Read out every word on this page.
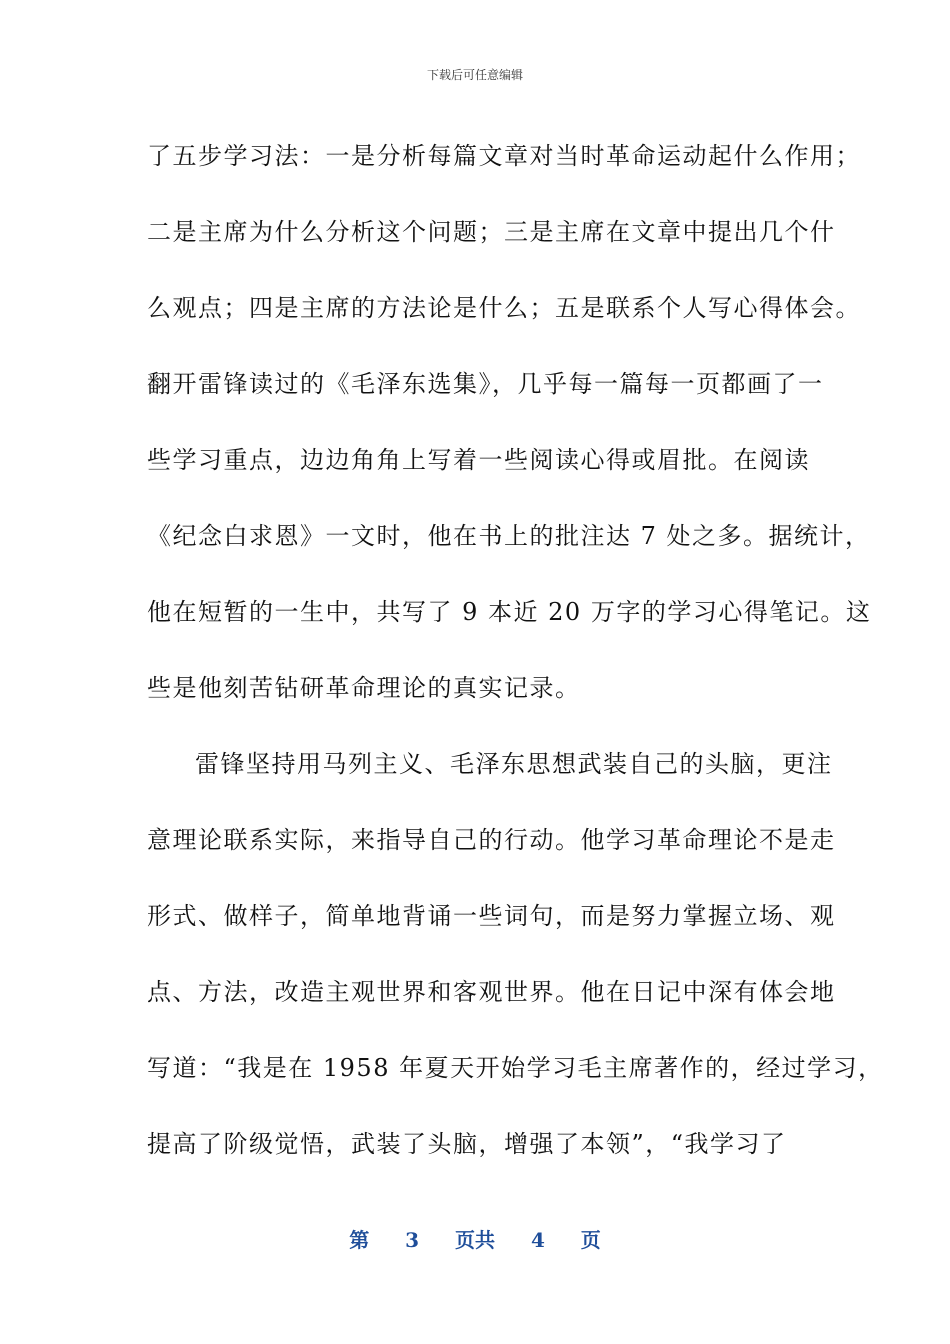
下载后可任意编辑
了五步学习法：一是分析每篇文章对当时革命运动起什么作用；
二是主席为什么分析这个问题；三是主席在文章中提出几个什
么观点；四是主席的方法论是什么；五是联系个人写心得体会。
翻开雷锋读过的《毛泽东选集》，几乎每一篇每一页都画了一
些学习重点，边边角角上写着一些阅读心得或眉批。在阅读
《纪念白求恩》一文时，他在书上的批注达 7 处之多。据统计，
他在短暂的一生中，共写了 9 本近 20 万字的学习心得笔记。这
些是他刻苦钻研革命理论的真实记录。
雷锋坚持用马列主义、毛泽东思想武装自己的头脑，更注
意理论联系实际，来指导自己的行动。他学习革命理论不是走
形式、做样子，简单地背诵一些词句，而是努力掌握立场、观
点、方法，改造主观世界和客观世界。他在日记中深有体会地
写道：“我是在 1958 年夏天开始学习毛主席著作的，经过学习，
提高了阶级觉悟，武装了头脑，增强了本领”，“我学习了
第 3 页共 4 页
